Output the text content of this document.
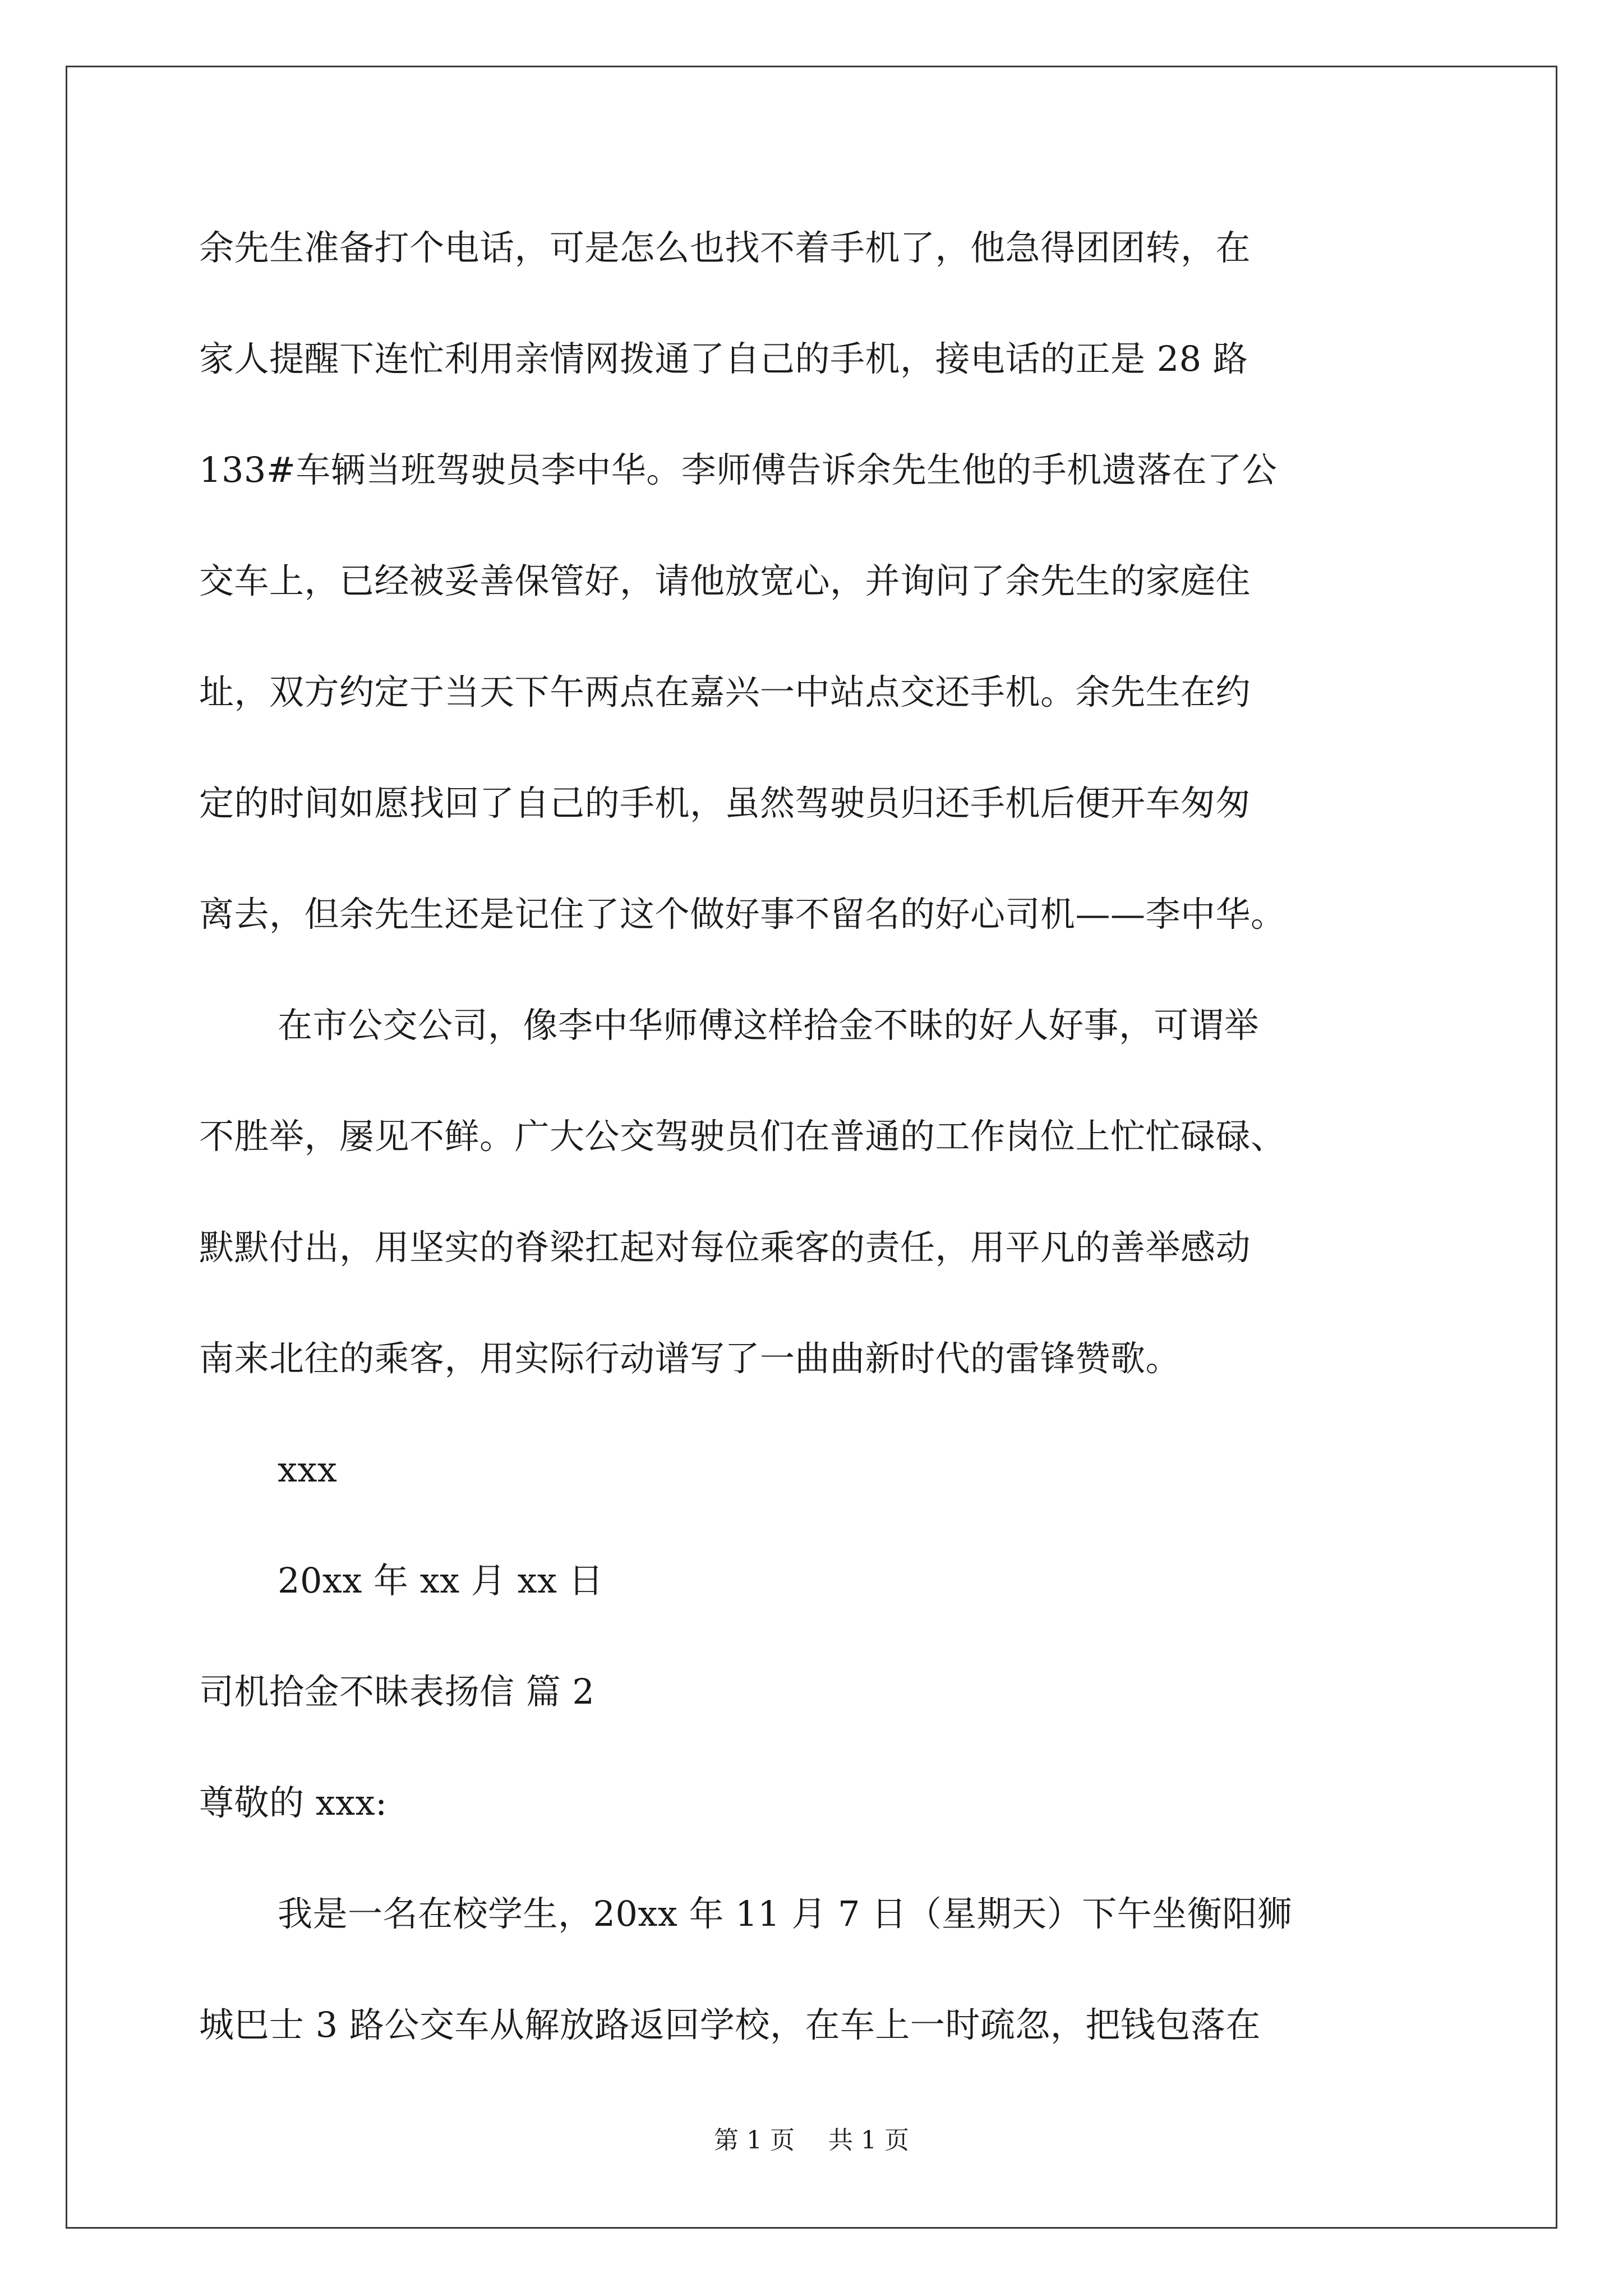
余先生准备打个电话，可是怎么也找不着手机了，他急得团团转，在
家人提醒下连忙利用亲情网拨通了自己的手机，接电话的正是 28 路
133#车辆当班驾驶员李中华。李师傅告诉余先生他的手机遗落在了公
交车上，已经被妥善保管好，请他放宽心，并询问了余先生的家庭住
址，双方约定于当天下午两点在嘉兴一中站点交还手机。余先生在约
定的时间如愿找回了自己的手机，虽然驾驶员归还手机后便开车匆匆
离去，但余先生还是记住了这个做好事不留名的好心司机——李中华。
在市公交公司，像李中华师傅这样拾金不昧的好人好事，可谓举
不胜举，屡见不鲜。广大公交驾驶员们在普通的工作岗位上忙忙碌碌、
默默付出，用坚实的脊梁扛起对每位乘客的责任，用平凡的善举感动
南来北往的乘客，用实际行动谱写了一曲曲新时代的雷锋赞歌。
xxx
20xx 年 xx 月 xx 日
司机拾金不昧表扬信 篇 2
尊敬的 xxx:
我是一名在校学生，20xx 年 11 月 7 日（星期天）下午坐衡阳狮
城巴士 3 路公交车从解放路返回学校，在车上一时疏忽，把钱包落在
第 1 页 共 1 页
